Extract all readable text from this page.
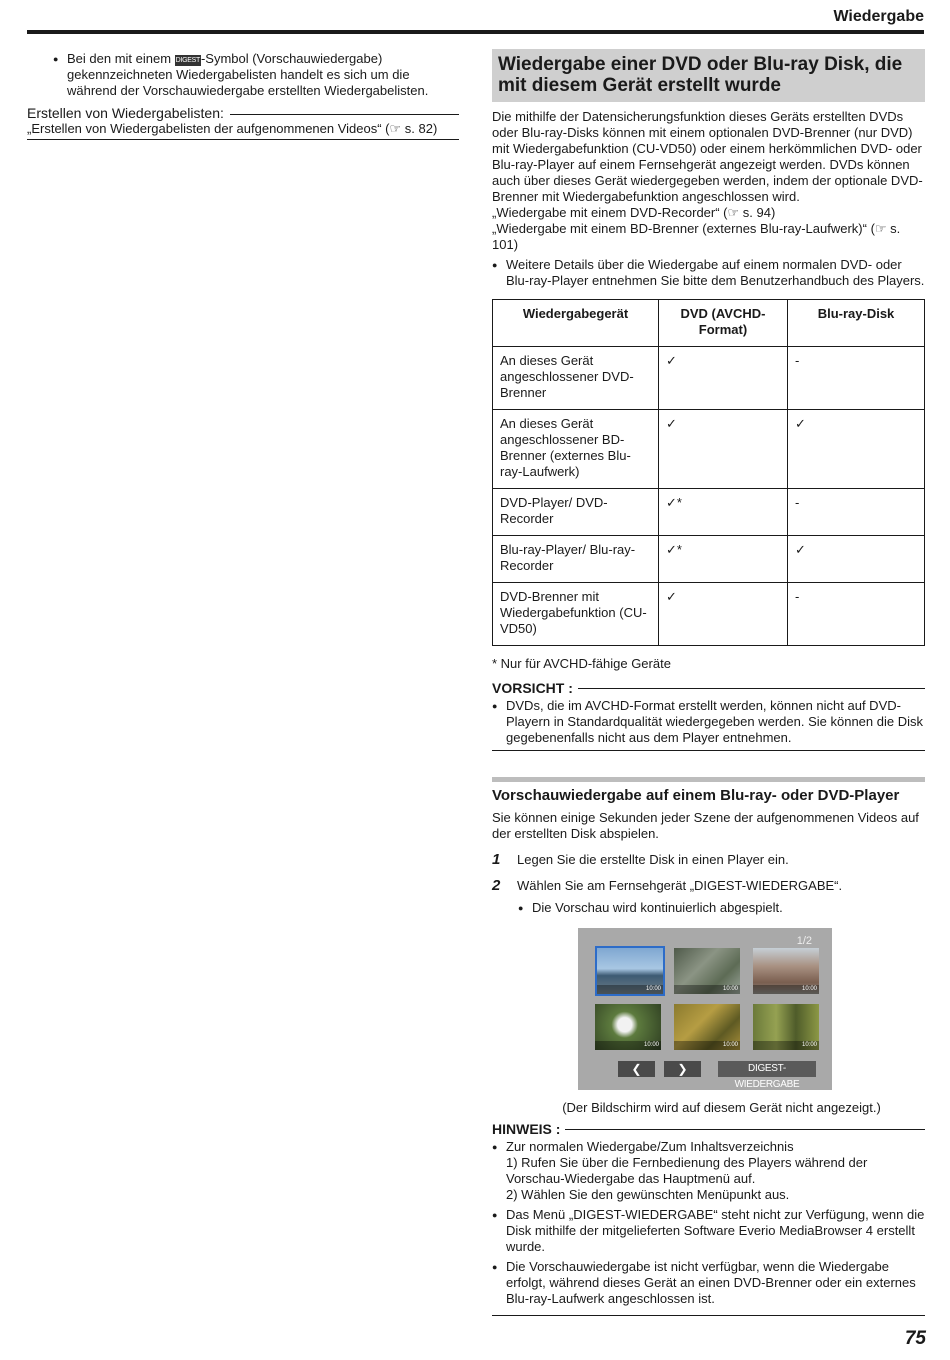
Wiedergabe
● Bei den mit einem DIGEST-Symbol (Vorschauwiedergabe) gekennzeichneten Wiedergabelisten handelt es sich um die während der Vorschauwiedergabe erstellten Wiedergabelisten.
Erstellen von Wiedergabelisten :
„Erstellen von Wiedergabelisten der aufgenommenen Videos“ (☞ s. 82)
Wiedergabe einer DVD oder Blu-ray Disk, die mit diesem Gerät erstellt wurde

Die mithilfe der Datensicherungsfunktion dieses Geräts erstellten DVDs oder Blu-ray-Disks können mit einem optionalen DVD-Brenner (nur DVD) mit Wiedergabefunktion (CU-VD50) oder einem herkömmlichen DVD- oder Blu-ray-Player auf einem Fernsehgerät angezeigt werden. DVDs können auch über dieses Gerät wiedergegeben werden, indem der optionale DVD-Brenner mit Wiedergabefunktion angeschlossen wird.

„Wiedergabe mit einem DVD-Recorder“ (☞ s. 94)

„Wiedergabe mit einem BD-Brenner (externes Blu-ray-Laufwerk)“ (☞ s. 101)

● Weitere Details über die Wiedergabe auf einem normalen DVD- oder Blu-ray-Player entnehmen Sie bitte dem Benutzerhandbuch des Players.
Wiedergabegerät	DVD (AVCHD-Format)	Blu-ray-Disk
An dieses Gerät angeschlossener DVD-Brenner	✓	-
An dieses Gerät angeschlossener BD-Brenner (externes Blu-ray-Laufwerk)	✓	✓
DVD-Player/ DVD-Recorder	✓*	-
Blu-ray-Player/ Blu-ray-Recorder	✓*	✓
DVD-Brenner mit Wiedergabefunktion (CU-VD50)	✓	-

* Nur für AVCHD-fähige Geräte

VORSICHT :
● DVDs, die im AVCHD-Format erstellt werden, können nicht auf DVD-Playern in Standardqualität wiedergegeben werden. Sie können die Disk gegebenenfalls nicht aus dem Player entnehmen.
Vorschauwiedergabe auf einem Blu-ray- oder DVD-Player

Sie können einige Sekunden jeder Szene der aufgenommenen Videos auf der erstellten Disk abspielen.

1	Legen Sie die erstellte Disk in einen Player ein.
2	Wählen Sie am Fernsehgerät „DIGEST-WIEDERGABE“.
● Die Vorschau wird kontinuierlich abgespielt.
1/2
10:00	10:00	10:00
10:00	10:00	10:00
❮	❯	DIGEST-WIEDERGABE

(Der Bildschirm wird auf diesem Gerät nicht angezeigt.)

HINWEIS :
● Zur normalen Wiedergabe/Zum Inhaltsverzeichnis

1) Rufen Sie über die Fernbedienung des Players während der Vorschau-Wiedergabe das Hauptmenü auf.

2) Wählen Sie den gewünschten Menüpunkt aus.

● Das Menü „DIGEST-WIEDERGABE“ steht nicht zur Verfügung, wenn die Disk mithilfe der mitgelieferten Software Everio MediaBrowser 4 erstellt wurde.
● Die Vorschauwiedergabe ist nicht verfügbar, wenn die Wiedergabe erfolgt, während dieses Gerät an einen DVD-Brenner oder ein externes Blu-ray-Laufwerk angeschlossen ist.
75
